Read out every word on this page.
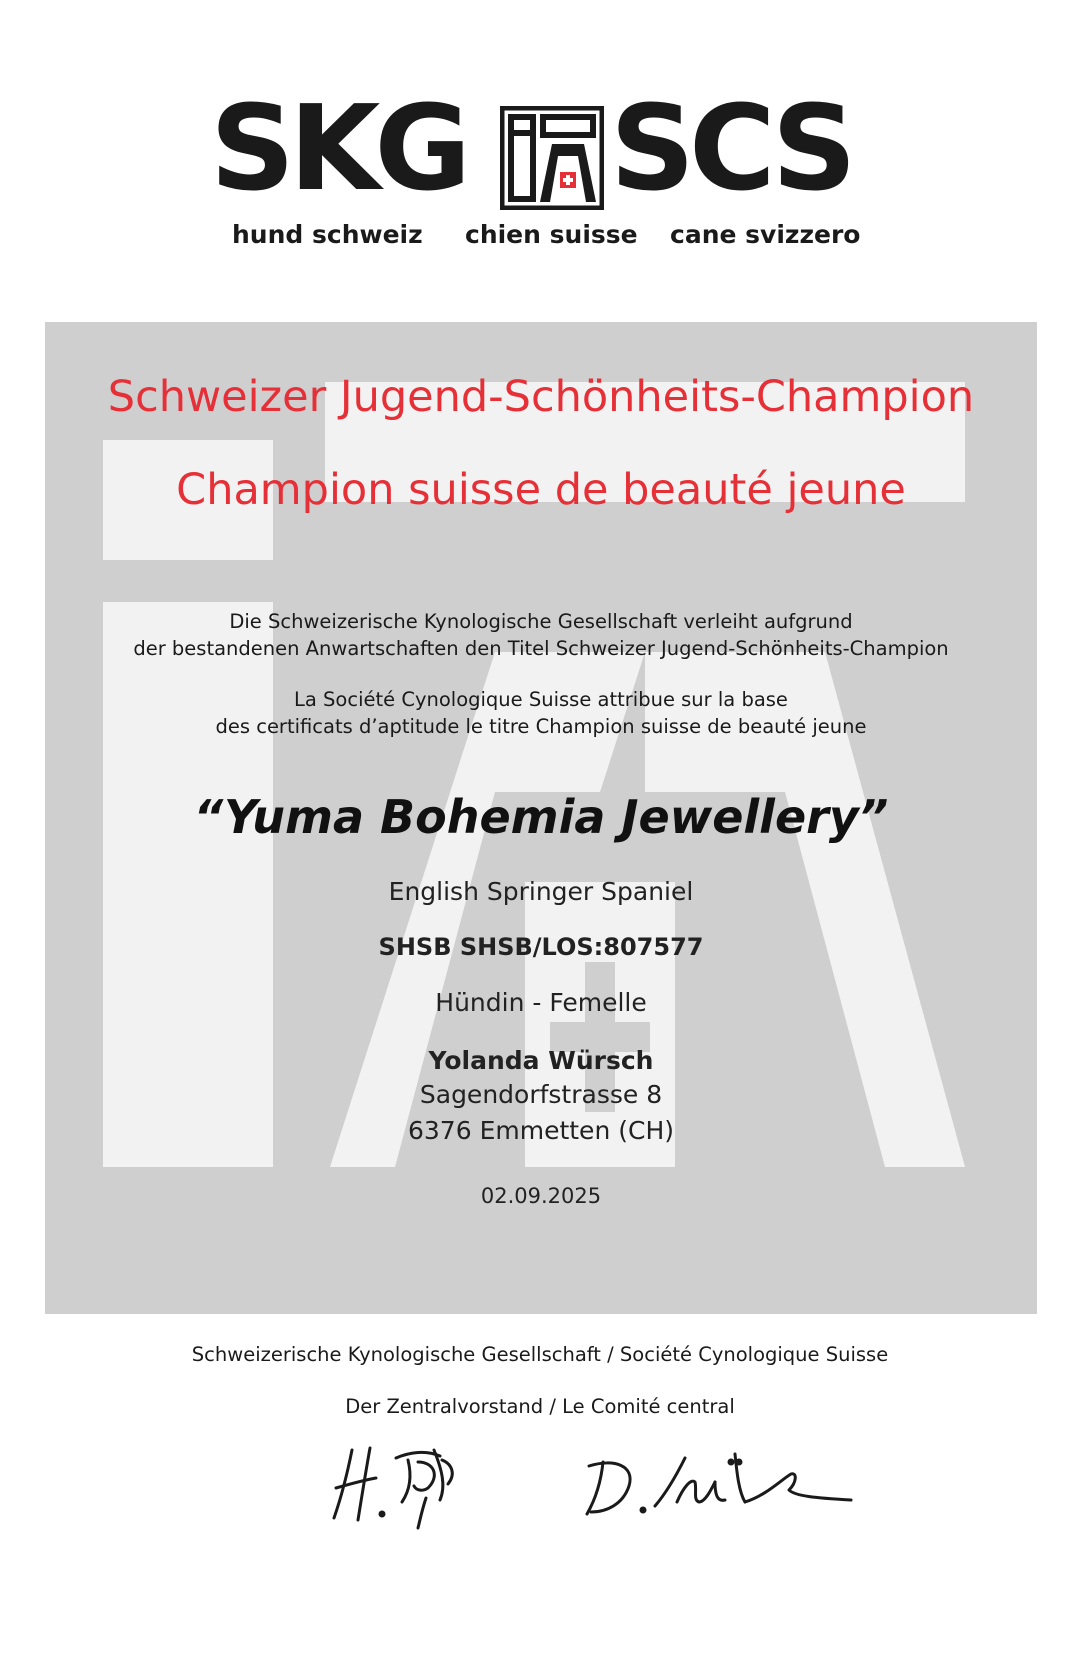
SKG SCS
hund schweiz chien suisse cane svizzero
Schweizer Jugend-Schönheits-Champion
Champion suisse de beauté jeune
Die Schweizerische Kynologische Gesellschaft verleiht aufgrund
der bestandenen Anwartschaften den Titel Schweizer Jugend-Schönheits-Champion
La Société Cynologique Suisse attribue sur la base
des certificats d’aptitude le titre Champion suisse de beauté jeune
“Yuma Bohemia Jewellery”
English Springer Spaniel
SHSB SHSB/LOS:807577
Hündin - Femelle
Yolanda Würsch
Sagendorfstrasse 8
6376 Emmetten (CH)
02.09.2025
Schweizerische Kynologische Gesellschaft / Société Cynologique Suisse
Der Zentralvorstand / Le Comité central
